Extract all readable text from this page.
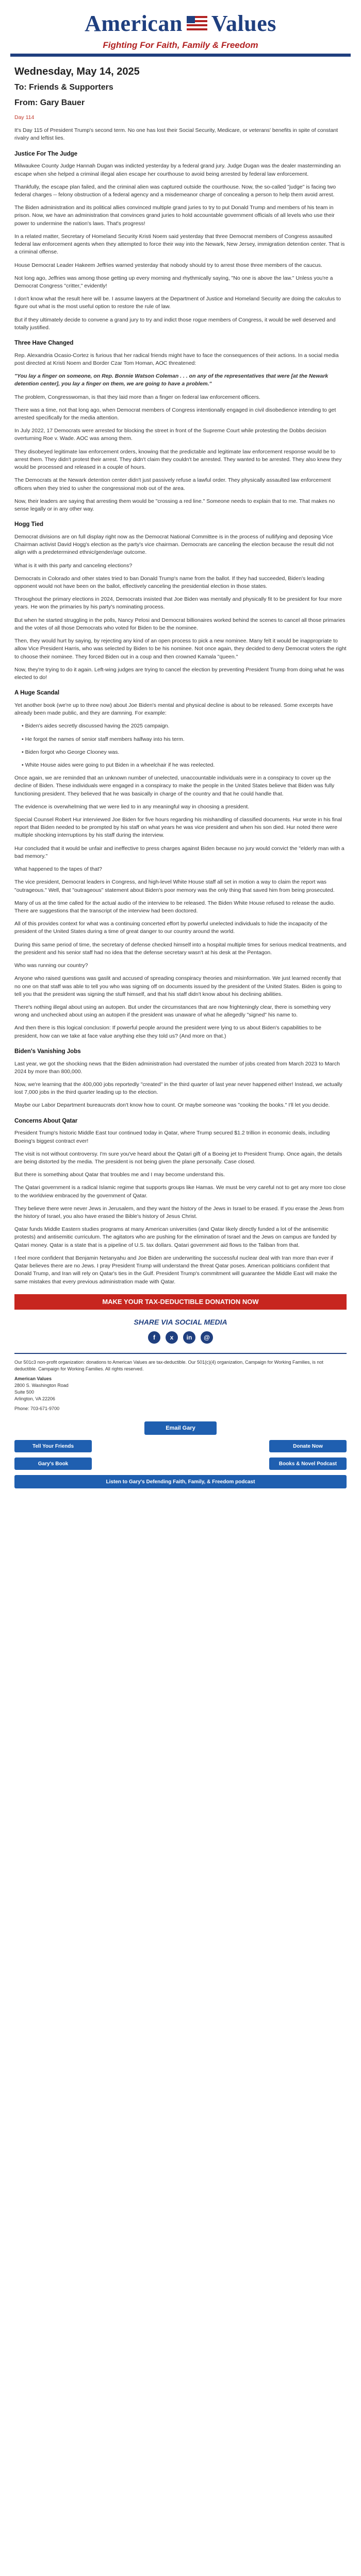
American Values
Fighting For Faith, Family & Freedom
Wednesday, May 14, 2025
To: Friends & Supporters
From: Gary Bauer

Day 114

It's Day 115 of President Trump's second term. No one has lost their Social Security, Medicare, or veterans' benefits in spite of constant rivalry and leftist lies.

Justice For The Judge

Milwaukee County Judge Hannah Dugan was indicted yesterday by a federal grand jury. Judge Dugan was the dealer masterminding an escape when she helped a criminal illegal alien escape her courthouse to avoid being arrested by federal law enforcement.

Thankfully, the escape plan failed, and the criminal alien was captured outside the courthouse. Now, the so-called "judge" is facing two federal charges -- felony obstruction of a federal agency and a misdemeanor charge of concealing a person to help them avoid arrest.

The Biden administration and its political allies convinced multiple grand juries to try to put Donald Trump and members of his team in prison. Now, we have an administration that convinces grand juries to hold accountable government officials of all levels who use their power to undermine the nation's laws. That's progress!

In a related matter, Secretary of Homeland Security Kristi Noem said yesterday that three Democrat members of Congress assaulted federal law enforcement agents when they attempted to force their way into the Newark, New Jersey, immigration detention center. That is a criminal offense.

House Democrat Leader Hakeem Jeffries warned yesterday that nobody should try to arrest those three members of the caucus.

Not long ago, Jeffries was among those getting up every morning and rhythmically saying, "No one is above the law." Unless you're a Democrat Congress "critter," evidently!

I don't know what the result here will be. I assume lawyers at the Department of Justice and Homeland Security are doing the calculus to figure out what is the most useful option to restore the rule of law.

But if they ultimately decide to convene a grand jury to try and indict those rogue members of Congress, it would be well deserved and totally justified.

Three Have Changed

Rep. Alexandria Ocasio-Cortez is furious that her radical friends might have to face the consequences of their actions. In a social media post directed at Kristi Noem and Border Czar Tom Homan, AOC threatened:

"You lay a finger on someone, on Rep. Bonnie Watson Coleman . . . on any of the representatives that were [at the Newark detention center], you lay a finger on them, we are going to have a problem."

The problem, Congresswoman, is that they laid more than a finger on federal law enforcement officers.

There was a time, not that long ago, when Democrat members of Congress intentionally engaged in civil disobedience intending to get arrested specifically for the media attention.

In July 2022, 17 Democrats were arrested for blocking the street in front of the Supreme Court while protesting the Dobbs decision overturning Roe v. Wade. AOC was among them.

They disobeyed legitimate law enforcement orders, knowing that the predictable and legitimate law enforcement response would be to arrest them. They didn't protest their arrest. They didn't claim they couldn't be arrested. They wanted to be arrested. They also knew they would be processed and released in a couple of hours.

The Democrats at the Newark detention center didn't just passively refuse a lawful order. They physically assaulted law enforcement officers when they tried to usher the congressional mob out of the area.

Now, their leaders are saying that arresting them would be "crossing a red line." Someone needs to explain that to me. That makes no sense legally or in any other way.

Hogg Tied

Democrat divisions are on full display right now as the Democrat National Committee is in the process of nullifying and deposing Vice Chairman activist David Hogg's election as the party's vice chairman. Democrats are canceling the election because the result did not align with a predetermined ethnic/gender/age outcome.

What is it with this party and canceling elections?

Democrats in Colorado and other states tried to ban Donald Trump's name from the ballot. If they had succeeded, Biden's leading opponent would not have been on the ballot, effectively canceling the presidential election in those states.

Throughout the primary elections in 2024, Democrats insisted that Joe Biden was mentally and physically fit to be president for four more years. He won the primaries by his party's nominating process.

But when he started struggling in the polls, Nancy Pelosi and Democrat billionaires worked behind the scenes to cancel all those primaries and the votes of all those Democrats who voted for Biden to be the nominee.

Then, they would hurt by saying, by rejecting any kind of an open process to pick a new nominee. Many felt it would be inappropriate to allow Vice President Harris, who was selected by Biden to be his nominee. Not once again, they decided to deny Democrat voters the right to choose their nominee. They forced Biden out in a coup and then crowned Kamala "queen."

Now, they're trying to do it again. Left-wing judges are trying to cancel the election by preventing President Trump from doing what he was elected to do!

A Huge Scandal

Yet another book (we're up to three now) about Joe Biden's mental and physical decline is about to be released. Some excerpts have already been made public, and they are damning. For example:

• Biden's aides secretly discussed having the 2025 campaign.

• He forgot the names of senior staff members halfway into his term.

• Biden forgot who George Clooney was.

• White House aides were going to put Biden in a wheelchair if he was reelected.

Once again, we are reminded that an unknown number of unelected, unaccountable individuals were in a conspiracy to cover up the decline of Biden. These individuals were engaged in a conspiracy to make the people in the United States believe that Biden was fully functioning president. They believed that he was basically in charge of the country and that he could handle that.

The evidence is overwhelming that we were lied to in any meaningful way in choosing a president.

Special Counsel Robert Hur interviewed Joe Biden for five hours regarding his mishandling of classified documents. Hur wrote in his final report that Biden needed to be prompted by his staff on what years he was vice president and when his son died. Hur noted there were multiple shocking interruptions by his staff during the interview.

Hur concluded that it would be unfair and ineffective to press charges against Biden because no jury would convict the "elderly man with a bad memory."

What happened to the tapes of that?

The vice president, Democrat leaders in Congress, and high-level White House staff all set in motion a way to claim the report was "outrageous." Well, that "outrageous" statement about Biden's poor memory was the only thing that saved him from being prosecuted.

Many of us at the time called for the actual audio of the interview to be released. The Biden White House refused to release the audio. There are suggestions that the transcript of the interview had been doctored.

All of this provides context for what was a continuing concerted effort by powerful unelected individuals to hide the incapacity of the president of the United States during a time of great danger to our country around the world.

During this same period of time, the secretary of defense checked himself into a hospital multiple times for serious medical treatments, and the president and his senior staff had no idea that the defense secretary wasn't at his desk at the Pentagon.

Who was running our country?

Anyone who raised questions was gaslit and accused of spreading conspiracy theories and misinformation. We just learned recently that no one on that staff was able to tell you who was signing off on documents issued by the president of the United States. Biden is going to tell you that the president was signing the stuff himself, and that his staff didn't know about his declining abilities.

There's nothing illegal about using an autopen. But under the circumstances that are now frighteningly clear, there is something very wrong and unchecked about using an autopen if the president was unaware of what he allegedly "signed" his name to.

And then there is this logical conclusion: If powerful people around the president were lying to us about Biden's capabilities to be president, how can we take at face value anything else they told us? (And more on that.)

Biden's Vanishing Jobs

Last year, we got the shocking news that the Biden administration had overstated the number of jobs created from March 2023 to March 2024 by more than 800,000.

Now, we're learning that the 400,000 jobs reportedly "created" in the third quarter of last year never happened either! Instead, we actually lost 7,000 jobs in the third quarter leading up to the election.

Maybe our Labor Department bureaucrats don't know how to count. Or maybe someone was "cooking the books." I'll let you decide.

Concerns About Qatar

President Trump's historic Middle East tour continued today in Qatar, where Trump secured $1.2 trillion in economic deals, including Boeing's biggest contract ever!

The visit is not without controversy. I'm sure you've heard about the Qatari gift of a Boeing jet to President Trump. Once again, the details are being distorted by the media. The president is not being given the plane personally. Case closed.

But there is something about Qatar that troubles me and I may become understand this.

The Qatari government is a radical Islamic regime that supports groups like Hamas. We must be very careful not to get any more too close to the worldview embraced by the government of Qatar.

They believe there were never Jews in Jerusalem, and they want the history of the Jews in Israel to be erased. If you erase the Jews from the history of Israel, you also have erased the Bible's history of Jesus Christ.

Qatar funds Middle Eastern studies programs at many American universities (and Qatar likely directly funded a lot of the antisemitic protests) and antisemitic curriculum. The agitators who are pushing for the elimination of Israel and the Jews on campus are funded by Qatari money. Qatar is a state that is a pipeline of U.S. tax dollars. Qatari government aid flows to the Taliban from that.

I feel more confident that Benjamin Netanyahu and Joe Biden are underwriting the successful nuclear deal with Iran more than ever if Qatar believes there are no Jews. I pray President Trump will understand the threat Qatar poses. American politicians confident that Donald Trump, and Iran will rely on Qatar's ties in the Gulf. President Trump's commitment will guarantee the Middle East will make the same mistakes that every previous administration made with Qatar.

MAKE YOUR TAX-DEDUCTIBLE DONATION NOW
SHARE VIA SOCIAL MEDIA
f	x	in	@
Our 501c3 non-profit organization: donations to American Values are tax-deductible. Our 501(c)(4) organization, Campaign for Working Families, is not deductible. Campaign for Working Families. All rights reserved.
American Values
2800 S. Washington Road
Suite 500
Arlington, VA 22206
Phone: 703-671-9700
Email Gary
Tell Your Friends	Donate Now
Gary's Book	Books & Novel Podcast
Listen to Gary's Defending Faith, Family, & Freedom podcast
